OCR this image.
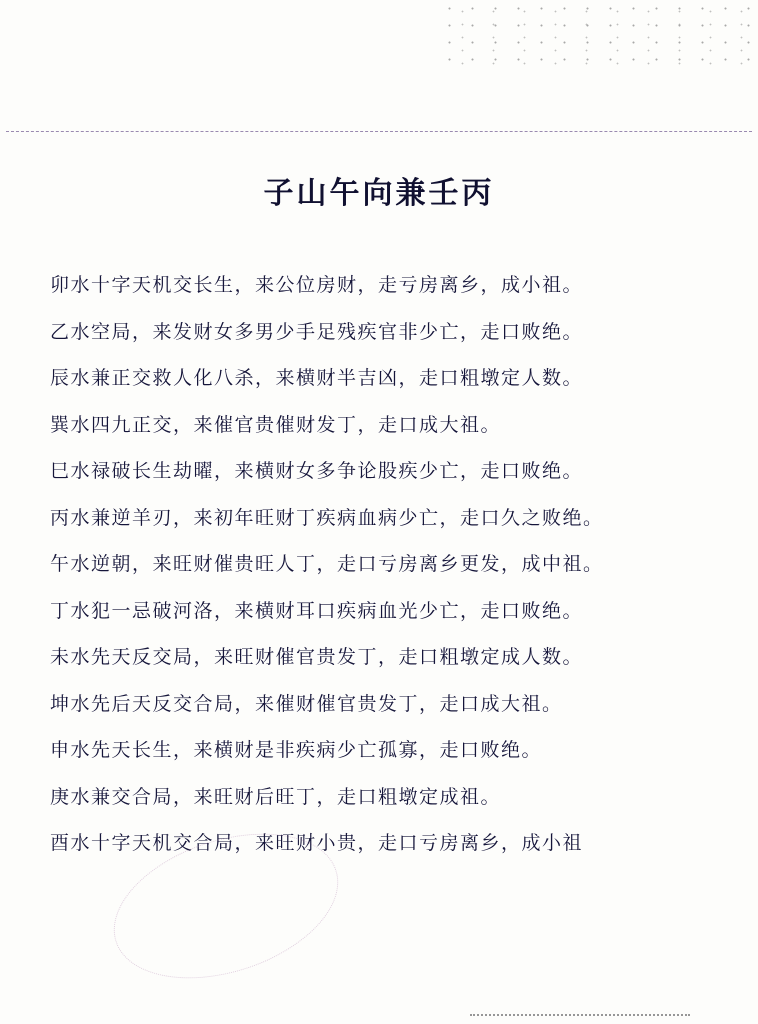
子山午向兼壬丙
卯水十字天机交长生，来公位房财，走亏房离乡，成小祖。
乙水空局，来发财女多男少手足残疾官非少亡，走口败绝。
辰水兼正交救人化八杀，来横财半吉凶，走口粗墩定人数。
巽水四九正交，来催官贵催财发丁，走口成大祖。
巳水禄破长生劫曜，来横财女多争论股疾少亡，走口败绝。
丙水兼逆羊刃，来初年旺财丁疾病血病少亡，走口久之败绝。
午水逆朝，来旺财催贵旺人丁，走口亏房离乡更发，成中祖。
丁水犯一忌破河洛，来横财耳口疾病血光少亡，走口败绝。
未水先天反交局，来旺财催官贵发丁，走口粗墩定成人数。
坤水先后天反交合局，来催财催官贵发丁，走口成大祖。
申水先天长生，来横财是非疾病少亡孤寡，走口败绝。
庚水兼交合局，来旺财后旺丁，走口粗墩定成祖。
酉水十字天机交合局，来旺财小贵，走口亏房离乡，成小祖
